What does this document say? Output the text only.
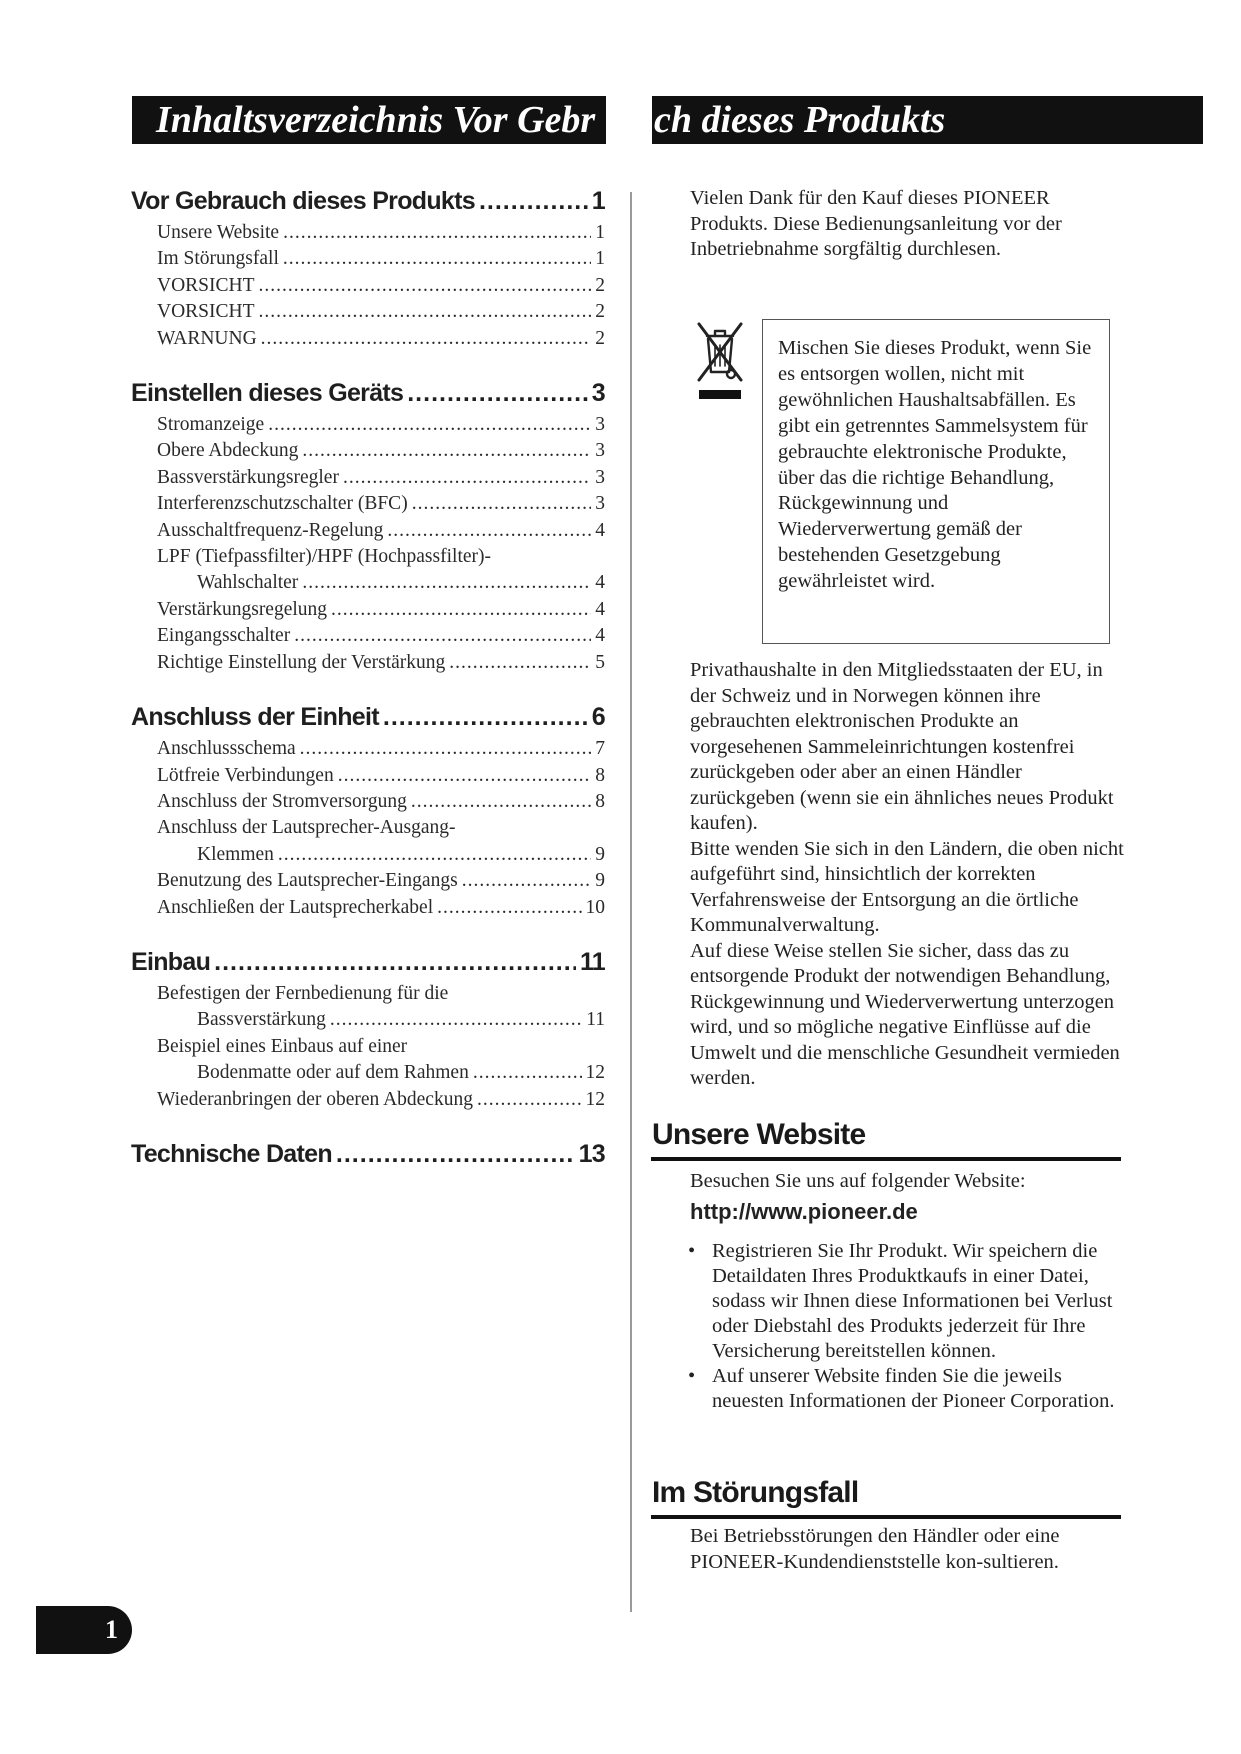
Inhaltsverzeichnis Vor Gebr ch dieses Produkts
Vor Gebrauch dieses Produkts .....	1
Unsere Website .....	1
Im Störungsfall .....	1
VORSICHT .....	2
VORSICHT .....	2
WARNUNG .....	2
Einstellen dieses Geräts .....	3
Stromanzeige .....	3
Obere Abdeckung .....	3
Bassverstärkungsregler .....	3
Interferenzschutzschalter (BFC) .....	3
Ausschaltfrequenz-Regelung .....	4
LPF (Tiefpassfilter)/HPF (Hochpassfilter)-
Wahlschalter .....	4
Verstärkungsregelung .....	4
Eingangsschalter .....	4
Richtige Einstellung der Verstärkung .....	5
Anschluss der Einheit .....	6
Anschlussschema .....	7
Lötfreie Verbindungen .....	8
Anschluss der Stromversorgung .....	8
Anschluss der Lautsprecher-Ausgang-
Klemmen .....	9
Benutzung des Lautsprecher-Eingangs .....	9
Anschließen der Lautsprecherkabel .....	10
Einbau .....	11
Befestigen der Fernbedienung für die
Bassverstärkung .....	11
Beispiel eines Einbaus auf einer
Bodenmatte oder auf dem Rahmen .....	12
Wiederanbringen der oberen Abdeckung .....	12
Technische Daten .....	13
Vielen Dank für den Kauf dieses PIONEER Produkts. Diese Bedienungsanleitung vor der Inbetriebnahme sorgfältig durchlesen.
Mischen Sie dieses Produkt, wenn Sie es entsorgen wollen, nicht mit gewöhnlichen Haushaltsabfällen. Es gibt ein getrenntes Sammelsystem für gebrauchte elektronische Produkte, über das die richtige Behandlung, Rückgewinnung und Wiederverwertung gemäß der bestehenden Gesetzgebung gewährleistet wird.
Privathaushalte in den Mitgliedsstaaten der EU, in der Schweiz und in Norwegen können ihre gebrauchten elektronischen Produkte an vorgesehenen Sammeleinrichtungen kostenfrei zurückgeben oder aber an einen Händler zurückgeben (wenn sie ein ähnliches neues Produkt kaufen).
Bitte wenden Sie sich in den Ländern, die oben nicht aufgeführt sind, hinsichtlich der korrekten Verfahrensweise der Entsorgung an die örtliche Kommunalverwaltung.
Auf diese Weise stellen Sie sicher, dass das zu entsorgende Produkt der notwendigen Behandlung, Rückgewinnung und Wiederverwertung unterzogen wird, und so mögliche negative Einflüsse auf die Umwelt und die menschliche Gesundheit vermieden werden.
Unsere Website
Besuchen Sie uns auf folgender Website:
http://www.pioneer.de
• Registrieren Sie Ihr Produkt. Wir speichern die Detaildaten Ihres Produktkaufs in einer Datei, sodass wir Ihnen diese Informationen bei Verlust oder Diebstahl des Produkts jederzeit für Ihre Versicherung bereitstellen können.
• Auf unserer Website finden Sie die jeweils neuesten Informationen der Pioneer Corporation.
Im Störungsfall
Bei Betriebsstörungen den Händler oder eine PIONEER-Kundendienststelle kon-sultieren.
1
